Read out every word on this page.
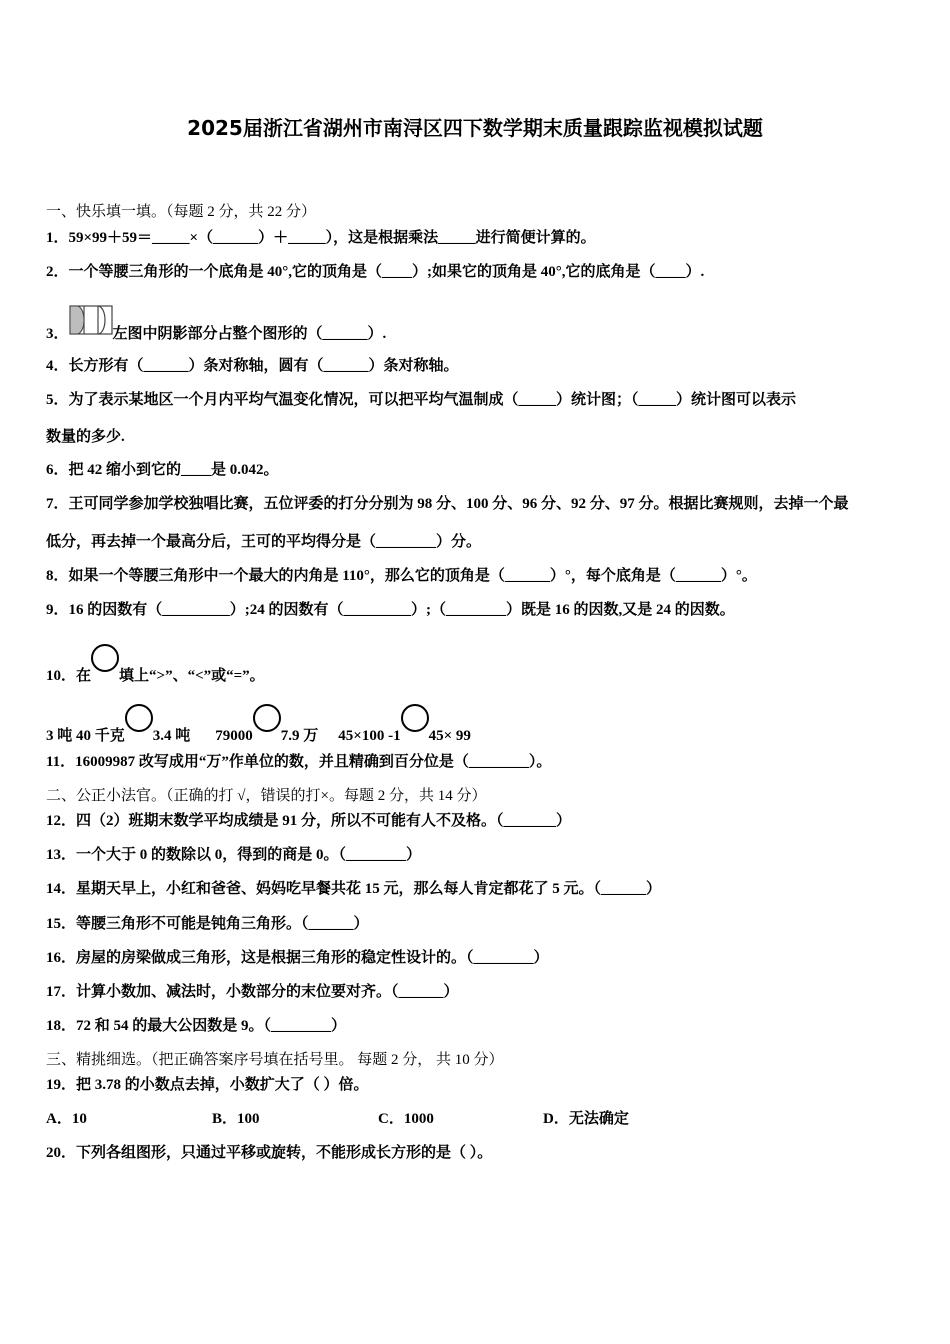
2025届浙江省湖州市南浔区四下数学期末质量跟踪监视模拟试题
一、快乐填一填。（每题 2 分，共 22 分）
1．59×99＋59＝_____×（______）＋_____），这是根据乘法_____进行简便计算的。
2．一个等腰三角形的一个底角是 40°,它的顶角是（____）;如果它的顶角是 40°,它的底角是（____）.
3．	左图中阴影部分占整个图形的（______）.
4．长方形有（______）条对称轴，圆有（______）条对称轴。
5．为了表示某地区一个月内平均气温变化情况，可以把平均气温制成（_____）统计图；（_____）统计图可以表示
数量的多少.
6．把 42 缩小到它的____是 0.042。
7．王可同学参加学校独唱比赛，五位评委的打分分别为 98 分、100 分、96 分、92 分、97 分。根据比赛规则，去掉一个最
低分，再去掉一个最高分后，王可的平均得分是（________）分。
8．如果一个等腰三角形中一个最大的内角是 110°，那么它的顶角是（______）°，每个底角是（______）°。
9．16 的因数有（_________）;24 的因数有（_________）;（________）既是 16 的因数,又是 24 的因数。
10．在 填上“>”、“<”或“=”。
3 吨 40 千克 3.4 吨 79000 7.9 万 45×100 -1 45× 99
11．16009987 改写成用“万”作单位的数，并且精确到百分位是（________）。
二、公正小法官。（正确的打 √，错误的打×。每题 2 分，共 14 分）
12．四（2）班期末数学平均成绩是 91 分，所以不可能有人不及格。（_______）
13．一个大于 0 的数除以 0，得到的商是 0。（________）
14．星期天早上，小红和爸爸、妈妈吃早餐共花 15 元，那么每人肯定都花了 5 元。（______）
15．等腰三角形不可能是钝角三角形。（______）
16．房屋的房梁做成三角形，这是根据三角形的稳定性设计的。（________）
17．计算小数加、减法时，小数部分的末位要对齐。（______）
18．72 和 54 的最大公因数是 9。（________）
三、精挑细选。（把正确答案序号填在括号里。 每题 2 分， 共 10 分）
19．把 3.78 的小数点去掉，小数扩大了（ ）倍。
A．10	B．100	C．1000	D．无法确定
20．下列各组图形，只通过平移或旋转，不能形成长方形的是（ ）。
